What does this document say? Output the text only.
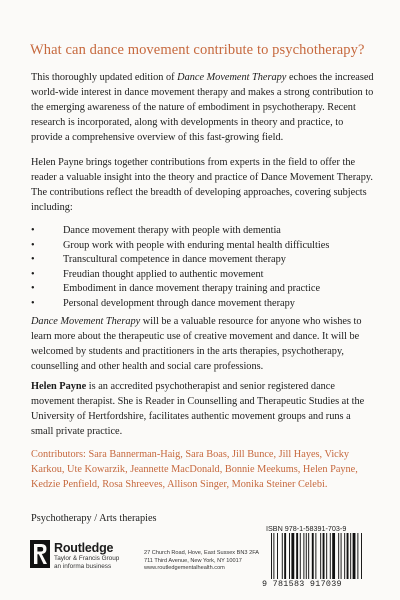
What can dance movement contribute to psychotherapy?

This thoroughly updated edition of Dance Movement Therapy echoes the increased world-wide interest in dance movement therapy and makes a strong contribution to the emerging awareness of the nature of embodiment in psychotherapy. Recent research is incorporated, along with developments in theory and practice, to provide a comprehensive overview of this fast-growing field.

Helen Payne brings together contributions from experts in the field to offer the reader a valuable insight into the theory and practice of Dance Movement Therapy. The contributions reflect the breadth of developing approaches, covering subjects including:

•	Dance movement therapy with people with dementia
•	Group work with people with enduring mental health difficulties
•	Transcultural competence in dance movement therapy
•	Freudian thought applied to authentic movement
•	Embodiment in dance movement therapy training and practice
•	Personal development through dance movement therapy

Dance Movement Therapy will be a valuable resource for anyone who wishes to learn more about the therapeutic use of creative movement and dance. It will be welcomed by students and practitioners in the arts therapies, psychotherapy, counselling and other health and social care professions.

Helen Payne is an accredited psychotherapist and senior registered dance movement therapist. She is Reader in Counselling and Therapeutic Studies at the University of Hertfordshire, facilitates authentic movement groups and runs a small private practice.

Contributors: Sara Bannerman-Haig, Sara Boas, Jill Bunce, Jill Hayes, Vicky Karkou, Ute Kowarzik, Jeannette MacDonald, Bonnie Meekums, Helen Payne, Kedzie Penfield, Rosa Shreeves, Allison Singer, Monika Steiner Celebi.

Psychotherapy / Arts therapies
ISBN 978-1-58391-703-9
Routledge
Taylor & Francis Group
an informa business
27 Church Road, Hove, East Sussex BN3 2FA
711 Third Avenue, New York, NY 10017
www.routledgementalhealth.com
9 781583 917039
